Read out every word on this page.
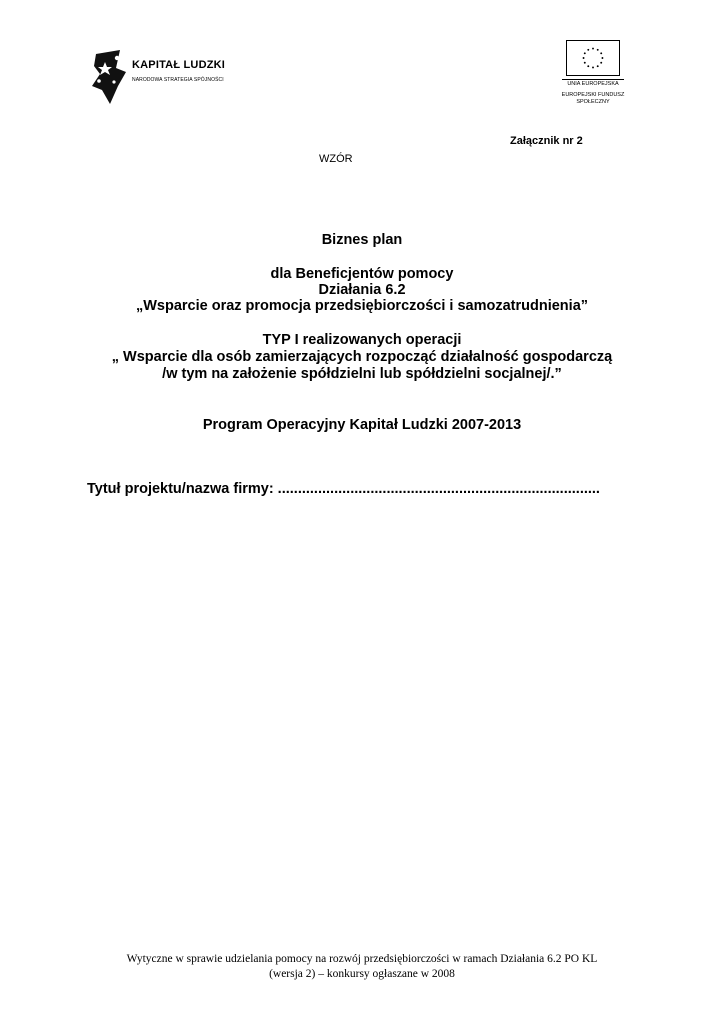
KAPITAŁ LUDZKI
NARODOWA STRATEGIA SPÓJNOŚCI
UNIA EUROPEJSKA
EUROPEJSKI FUNDUSZ
SPOŁECZNY
Załącznik nr 2
WZÓR
Biznes plan
dla Beneficjentów pomocy
Działania 6.2
„Wsparcie oraz promocja przedsiębiorczości i samozatrudnienia”
TYP I realizowanych operacji
„ Wsparcie dla osób zamierzających rozpocząć działalność gospodarczą
/w tym na założenie spółdzielni lub spółdzielni socjalnej/.”
Program Operacyjny Kapitał Ludzki 2007-2013
Tytuł projektu/nazwa firmy: ................................................................................
Wytyczne w sprawie udzielania pomocy na rozwój przedsiębiorczości w ramach Działania 6.2 PO KL
(wersja 2) – konkursy ogłaszane w 2008
